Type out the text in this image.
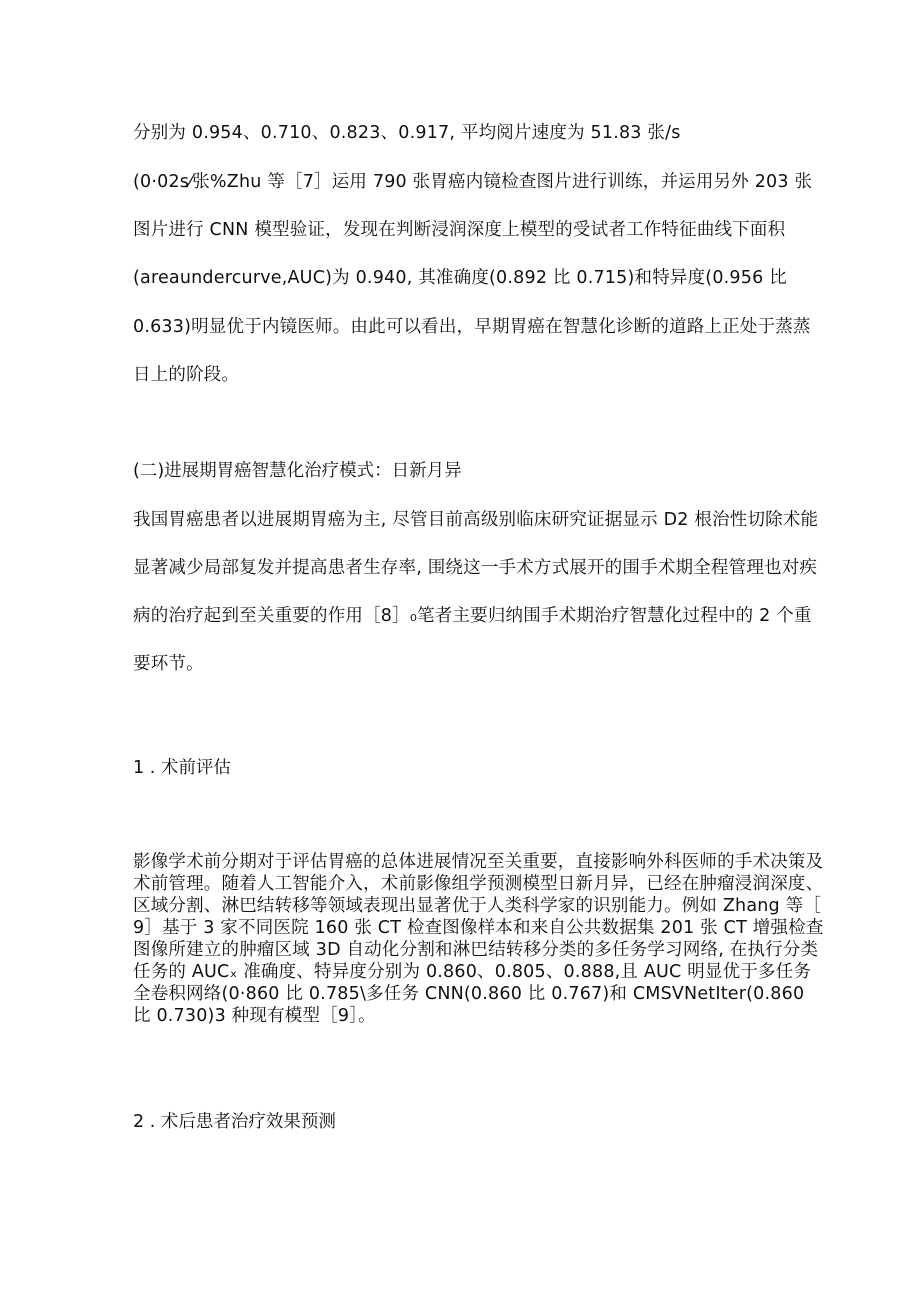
分别为 0.954、0.710、0.823、0.917, 平均阅片速度为 51.83 张/s
(0·02s⁄张%Zhu 等［7］运用 790 张胃癌内镜检查图片进行训练，并运用另外 203 张
图片进行 CNN 模型验证，发现在判断浸润深度上模型的受试者工作特征曲线下面积
(areaundercurve,AUC)为 0.940, 其准确度(0.892 比 0.715)和特异度(0.956 比
0.633)明显优于内镜医师。由此可以看出，早期胃癌在智慧化诊断的道路上正处于蒸蒸
日上的阶段。
(二)进展期胃癌智慧化治疗模式：日新月异
我国胃癌患者以进展期胃癌为主, 尽管目前高级别临床研究证据显示 D2 根治性切除术能
显著减少局部复发并提高患者生存率, 围绕这一手术方式展开的围手术期全程管理也对疾
病的治疗起到至关重要的作用［8］₀笔者主要归纳围手术期治疗智慧化过程中的 2 个重
要环节。
1 . 术前评估
影像学术前分期对于评估胃癌的总体进展情况至关重要，直接影响外科医师的手术决策及
术前管理。随着人工智能介入，术前影像组学预测模型日新月异，已经在肿瘤浸润深度、
区域分割、淋巴结转移等领域表现出显著优于人类科学家的识别能力。例如 Zhang 等［
9］基于 3 家不同医院 160 张 CT 检查图像样本和来自公共数据集 201 张 CT 增强检查
图像所建立的肿瘤区域 3D 自动化分割和淋巴结转移分类的多任务学习网络, 在执行分类
任务的 AUCₓ 准确度、特异度分别为 0.860、0.805、0.888,且 AUC 明显优于多任务
全卷积网络(0·860 比 0.785\多任务 CNN(0.860 比 0.767)和 CMSVNetIter(0.860
比 0.730)3 种现有模型［9］。
2 . 术后患者治疗效果预测
